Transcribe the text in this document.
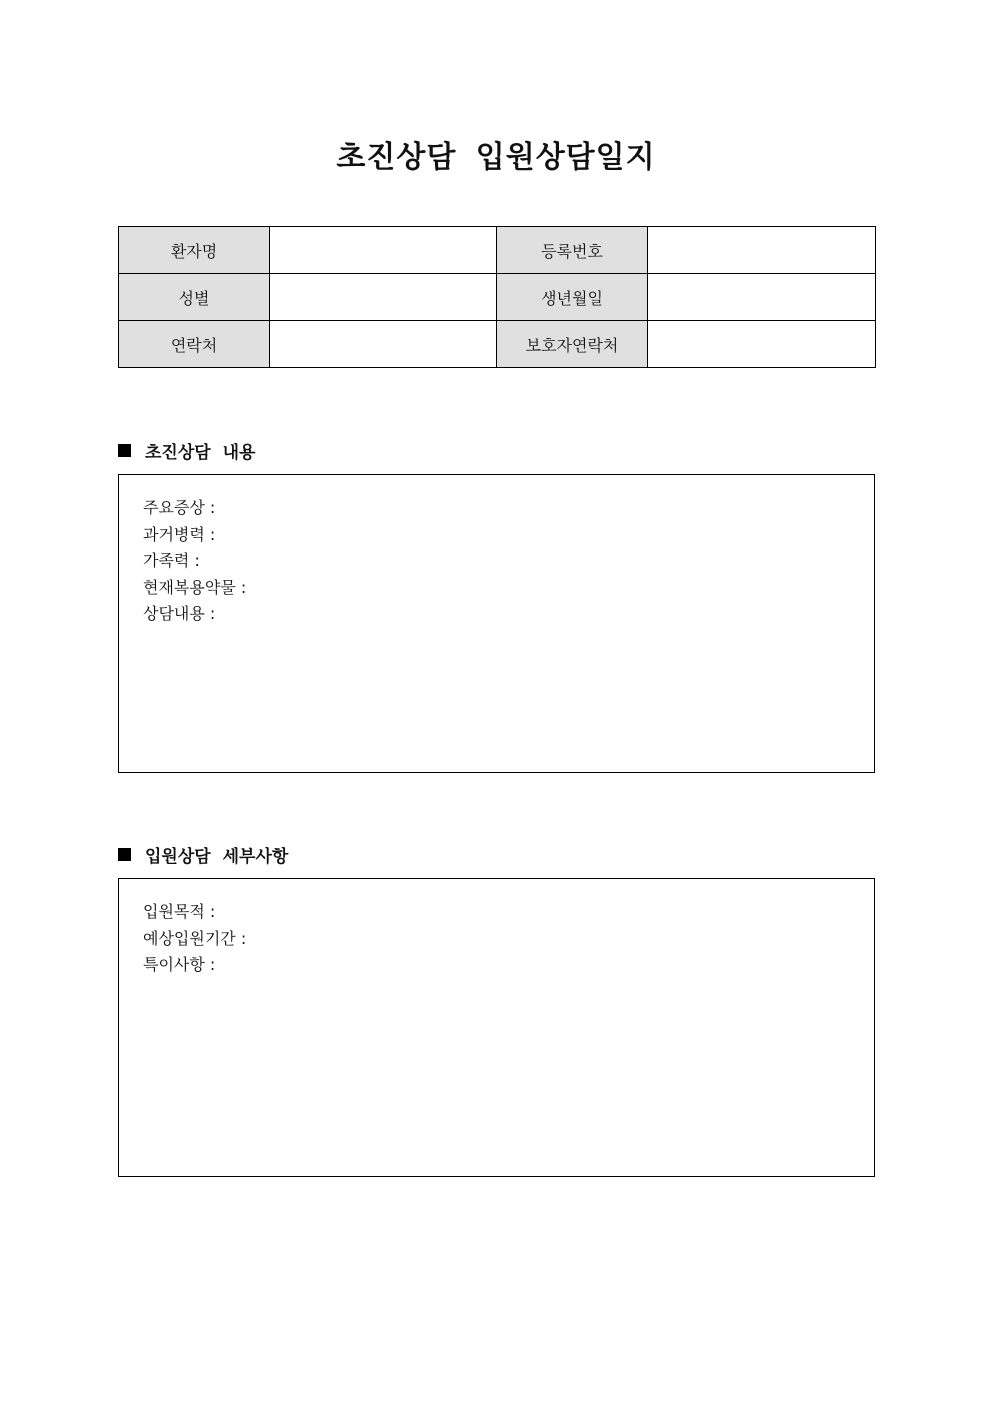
초진상담 입원상담일지
환자명		등록번호	
성별		생년월일	
연락처		보호자연락처	
초진상담 내용
주요증상 :
과거병력 :
가족력 :
현재복용약물 :
상담내용 :
입원상담 세부사항
입원목적 :
예상입원기간 :
특이사항 :
